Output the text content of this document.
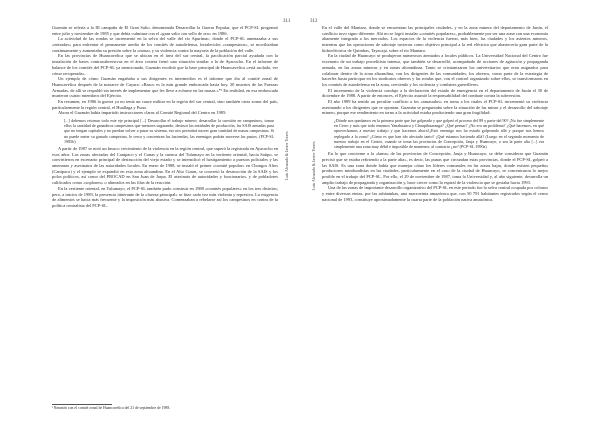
311
Luis Alvarado & Javier Torres

Guzmán se refería a la III campaña de El Gran Salto, denominada Desarrollar la Guerra Popular, que el PCP-SL programó entre julio y noviembre de 1985 y que debía culminar con el «gran salto con sello de oro» en 1986.

La actividad de las rondas se incrementó en la selva del valle del río Apurímac, donde el PCP-SL amenazaba a sus «entradas» para enfrentar el permanente asedio de los comités de autodefensa, fortalecidos «campesinos», se movilizaban continuamente y aumentaba su presión sobre la «masa» y su violencia contra la mayoría de la población del valle.

En las provincias de Huancavelica que se ubican en el área del sur central, la pacificación parcial ayudada con la instalación de bases contrasubversivas en el área costera frenó una situación similar a la de Ayacucho. En el informe de balance de los comités del PCP-SL ya mencionado, Guzmán escribió que la base principal de Huancavelica «está asolada, ver cómo recuperada».

Un ejemplo de cómo Guzmán engañaba a sus dirigentes es intermedios es el informe que dio al comité zonal de Huancavelica después de la masacre de Cayara: «Basco es la más grande emboscada hasta hoy, 30 muertos de las Fuerzas Armadas, de allí se respaldó sin interés de implementar que les lleve a echarse en las masas.»*¹ En realidad, en esa emboscada murieron cuatro miembros del Ejército.

En resumen, en 1986 la guerra ya no tenía un cauce militar en la región del sur central, sino también otras zonas del país, particularmente la región central, el Huallaga y Puno.

Ahora el Guzmán había impartido instrucciones claras al Comité Regional del Centro en 1985:

[...] debemos retomar todo este eje principal [...] Desarrollar el trabajo minero; desarrollar la cuestión en campesinos, tomar ellos la cantidad de ganaderos campesinos que menores sugarando, destruir las entidades de producción, las SAIS armadas para que no tengan capitales y no puedan volver a pasar su sistema, eso nos permitirá mover gran cantidad de masas campesinas. Si no puede meter su ganado campesino, le cerca y concentran las haciendas, las enemigos podrán moverse las pastos. (PCP-SL 1985b)

A partir de 1987 se notó un brusco crecimiento de la violencia en la región central, que superó la registrada en Ayacucho en esos años. Las zonas afectadas del Canipaco y el Cunas y la cuenca del Tulumayo en la vertiente oriental, hacia Satipo, se convirtieron en escenario principal de destrucción del viejo estado y se intensificó el hostigamiento a puestos policiales y las amenazas y asesinatos de las autoridades locales. En enero de 1988, se instaló el primer «comité popular» en Chongos Altos (Canipaco) y el ejemplo se expandió en esta zona altoandina. En el Alto Cunas, se concretó la destrucción de la SAIS y los polos políticos, así como del PROCAD en San Juan de Jarpa. El asesinato de autoridades y funcionarios, y de pobladores calificados como «soplones» o alineados en las filas de la reacción.

En la vertiente oriental, en Tulumayo, el PCP-SL también pudo construir en 1988 «comités populares» en los tres distritos; pero, a inicios de 1989, la presencia itinerante de la «fuerza principal» se hizo cada vez más violenta y represiva. La exigencia de alimentos se hacía más frecuente y la imposición más abusiva. Comenzaban a rebelarse así los campesinos en contra de la política centralista del PCP-SL.

¹ Reunión con el comité zonal de Huancavelica del 21 de septiembre de 1988.
312
Luis Alvarado & Javier Torres

En el valle del Mantaro, donde se encuentran las principales ciudades, y en la zona minera del departamento de Junín, el conflicto tuvo signo diferente. Ahí no se logró instalar «comités populares», probablemente por ser una zona con una economía altamente integrada a los mercados. Los espacios de la violencia fueron, más bien, las ciudades y los asientos mineros, mientras que las operaciones de sabotaje tuvieron como objetivo principal a la red eléctrica que abastecería gran parte de la hidroeléctrica de Quimbas, Tayacaja, sobre el río Mantaro.

En la ciudad de Huancayo se produjeron numerosos atentados a locales públicos. La Universidad Nacional del Centro fue escenario de un trabajo proselitista intenso, que también se desarrolló, acompañado de acciones de agitación y propaganda armada, en las zonas mineras y en zonas altoandinas. Tanto se cristianizaron los universitarios que eran asignados para colaborar dentro de la zona altoandina, con los dirigentes de las comunidades, los obreros, como parte de la estrategia de hacerles hasta participar en los sindicatos obreros y las rondas que, con el control organizado sobre ellos, se transformaron en los comités de autodefensa en la zona, creciendo y los violencia y combates guerrilleros.

El incremento de la violencia condujo a la declaración del estado de emergencia en el departamento de Junín el 30 de diciembre de 1988. A partir de entonces, el Ejército asumió la responsabilidad del combate contra la subversión.

El año 1989 ha tenido un peculiar conflicto a los «amasados» en torno a los cuales el PCP-SL incrementó su violencia asesinando a los dirigentes que se oponían. Guzmán se preguntaba sobre la situación de las minas y el desarrollo del sabotaje minero, porque ese rendimiento en torno a la actividad estaba produciendo una gran fragilidad:

¿Dónde nos quedamos en la primera parte que fue golpeado y que golpeó el proceso del 89 y parte del 90? ¡No fue simplemente en Cerro y más que todo tenemos Yanahuanca y Chaupihuaranga? ¿Qué pensar? ¿No era un problema? ¿Qué hacemos, en qué aprovechamos a nuestro trabajo y que hacemos ahora?¿Este enemigo nos ha estado golpeando allá y porque nos hemos replegado a la zona? ¿Cómo es que han ido afectado tanto? ¿Qué estamos haciendo allá? (Luego en el segundo momento de nuestro trabajo en el Centro, cuando se toma las provincias de Concepción, Jauja y Huancayo, o sea la parte alta [...] era simplemente una zona muy débil e imposible de mantener, al contrario ¿no? (PCP-SL 1990a)

En lo que concierne a la «lama» de las provincias de Concepción, Jauja y Huancayo, se debe considerar que Guzmán precisó que se estaba refiriendo a la parte alta», es decir, las punas que circundan estas provincias, donde el PCP-SL golpeó a las SAIS. Es una zona donde había que manejar cómo los líderes comunales en las zonas bajas, donde existen pequeños productores minifundistas en las ciudades, particularmente en el caso de la ciudad de Huancayo, se concentraron lo mejor posible en el trabajo del PCP-SL. Por ello, el 29 de noviembre de 1987, toma la Universidad y, al año siguiente, desarrolla un amplio trabajo de propaganda y organización y, hace crecer como la espiral de la violencia que se gestaba hacia 1993.

Una de las zonas de importante desarrollo organizativo del PCP-SL en este periodo fue la selva central ocupada por colonos y entre diversas etnias, por las asháninkas, una macroetnia amazónica que, con 50 791 habitantes registrados según el censo nacional de 1993, constituye aproximadamente la cuarta parte de la población nativa amazónica.
